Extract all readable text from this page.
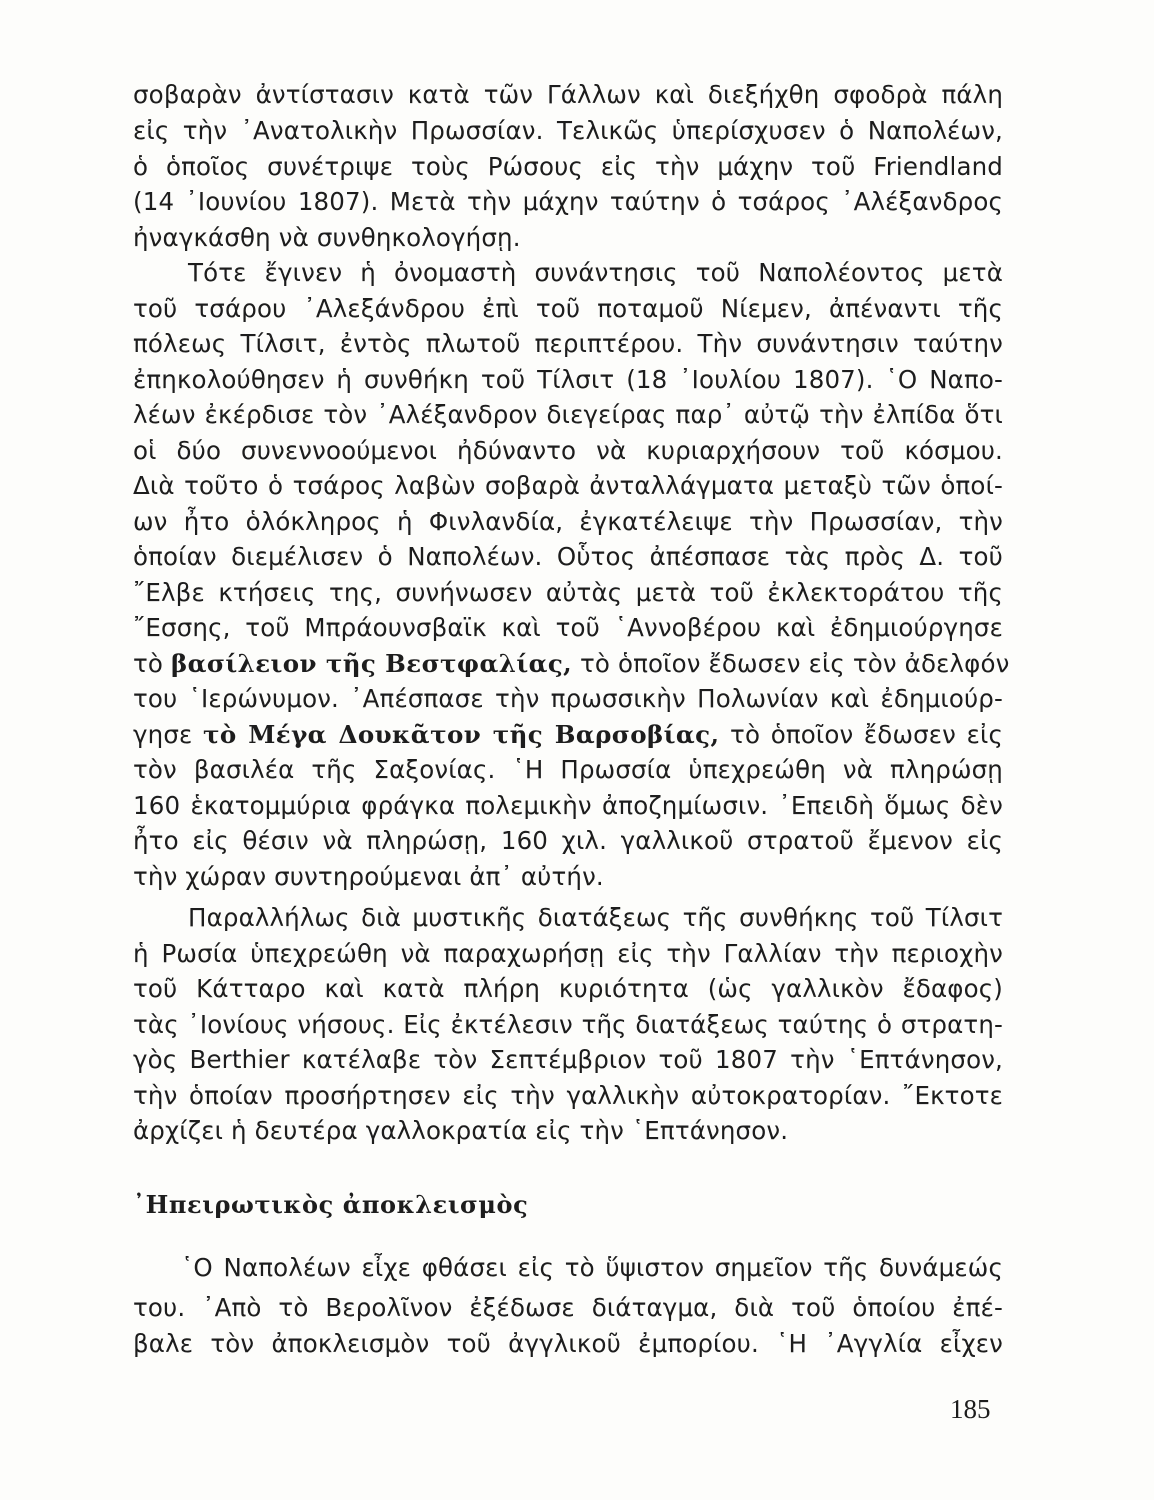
σοβαρὰν ἀντίστασιν κατὰ τῶν Γάλλων καὶ διεξήχθη σφοδρὰ πάλη
εἰς τὴν ᾿Ανατολικὴν Πρωσσίαν. Τελικῶς ὑπερίσχυσεν ὁ Ναπολέων,
ὁ ὁποῖος συνέτριψε τοὺς Ρώσους εἰς τὴν μάχην τοῦ Friendland
(14 ᾿Ιουνίου 1807). Μετὰ τὴν μάχην ταύτην ὁ τσάρος ᾿Αλέξανδρος
ἠναγκάσθη νὰ συνθηκολογήσῃ.
Τότε ἔγινεν ἡ ὀνομαστὴ συνάντησις τοῦ Ναπολέοντος μετὰ
τοῦ τσάρου ᾿Αλεξάνδρου ἐπὶ τοῦ ποταμοῦ Νίεμεν, ἀπέναντι τῆς
πόλεως Τίλσιτ, ἐντὸς πλωτοῦ περιπτέρου. Τὴν συνάντησιν ταύτην
ἐπηκολούθησεν ἡ συνθήκη τοῦ Τίλσιτ (18 ᾿Ιουλίου 1807). ῾Ο Ναπο-
λέων ἐκέρδισε τὸν ᾿Αλέξανδρον διεγείρας παρ᾿ αὐτῷ τὴν ἐλπίδα ὅτι
οἱ δύο συνεννοούμενοι ἠδύναντο νὰ κυριαρχήσουν τοῦ κόσμου.
Διὰ τοῦτο ὁ τσάρος λαβὼν σοβαρὰ ἀνταλλάγματα μεταξὺ τῶν ὁποί-
ων ἦτο ὁλόκληρος ἡ Φινλανδία, ἐγκατέλειψε τὴν Πρωσσίαν, τὴν
ὁποίαν διεμέλισεν ὁ Ναπολέων. Οὗτος ἀπέσπασε τὰς πρὸς Δ. τοῦ
῎Ελβε κτήσεις της, συνήνωσεν αὐτὰς μετὰ τοῦ ἐκλεκτοράτου τῆς
῎Εσσης, τοῦ Μπράουνσβαϊκ καὶ τοῦ ῾Αννοβέρου καὶ ἐδημιούργησε
τὸ βασίλειον τῆς Βεστφαλίας, τὸ ὁποῖον ἔδωσεν εἰς τὸν ἀδελφόν
του ῾Ιερώνυμον. ᾿Απέσπασε τὴν πρωσσικὴν Πολωνίαν καὶ ἐδημιούρ-
γησε τὸ Μέγα Δουκᾶτον τῆς Βαρσοβίας, τὸ ὁποῖον ἔδωσεν εἰς
τὸν βασιλέα τῆς Σαξονίας. ῾Η Πρωσσία ὑπεχρεώθη νὰ πληρώσῃ
160 ἑκατομμύρια φράγκα πολεμικὴν ἀποζημίωσιν. ᾿Επειδὴ ὅμως δὲν
ἦτο εἰς θέσιν νὰ πληρώσῃ, 160 χιλ. γαλλικοῦ στρατοῦ ἔμενον εἰς
τὴν χώραν συντηρούμεναι ἀπ᾿ αὐτήν.
Παραλλήλως διὰ μυστικῆς διατάξεως τῆς συνθήκης τοῦ Τίλσιτ
ἡ Ρωσία ὑπεχρεώθη νὰ παραχωρήσῃ εἰς τὴν Γαλλίαν τὴν περιοχὴν
τοῦ Κάτταρο καὶ κατὰ πλήρη κυριότητα (ὡς γαλλικὸν ἔδαφος)
τὰς ᾿Ιονίους νήσους. Εἰς ἐκτέλεσιν τῆς διατάξεως ταύτης ὁ στρατη-
γὸς Berthier κατέλαβε τὸν Σεπτέμβριον τοῦ 1807 τὴν ῾Επτάνησον,
τὴν ὁποίαν προσήρτησεν εἰς τὴν γαλλικὴν αὐτοκρατορίαν. ῎Εκτοτε
ἀρχίζει ἡ δευτέρα γαλλοκρατία εἰς τὴν ῾Επτάνησον.
῾Ο Ναπολέων εἶχε φθάσει εἰς τὸ ὕψιστον σημεῖον τῆς δυνάμεώς
του. ᾿Απὸ τὸ Βερολῖνον ἐξέδωσε διάταγμα, διὰ τοῦ ὁποίου ἐπέ-
βαλε τὸν ἀποκλεισμὸν τοῦ ἀγγλικοῦ ἐμπορίου. ῾Η ᾿Αγγλία εἶχεν
᾿Ηπειρωτικὸς ἀποκλεισμὸς
185
